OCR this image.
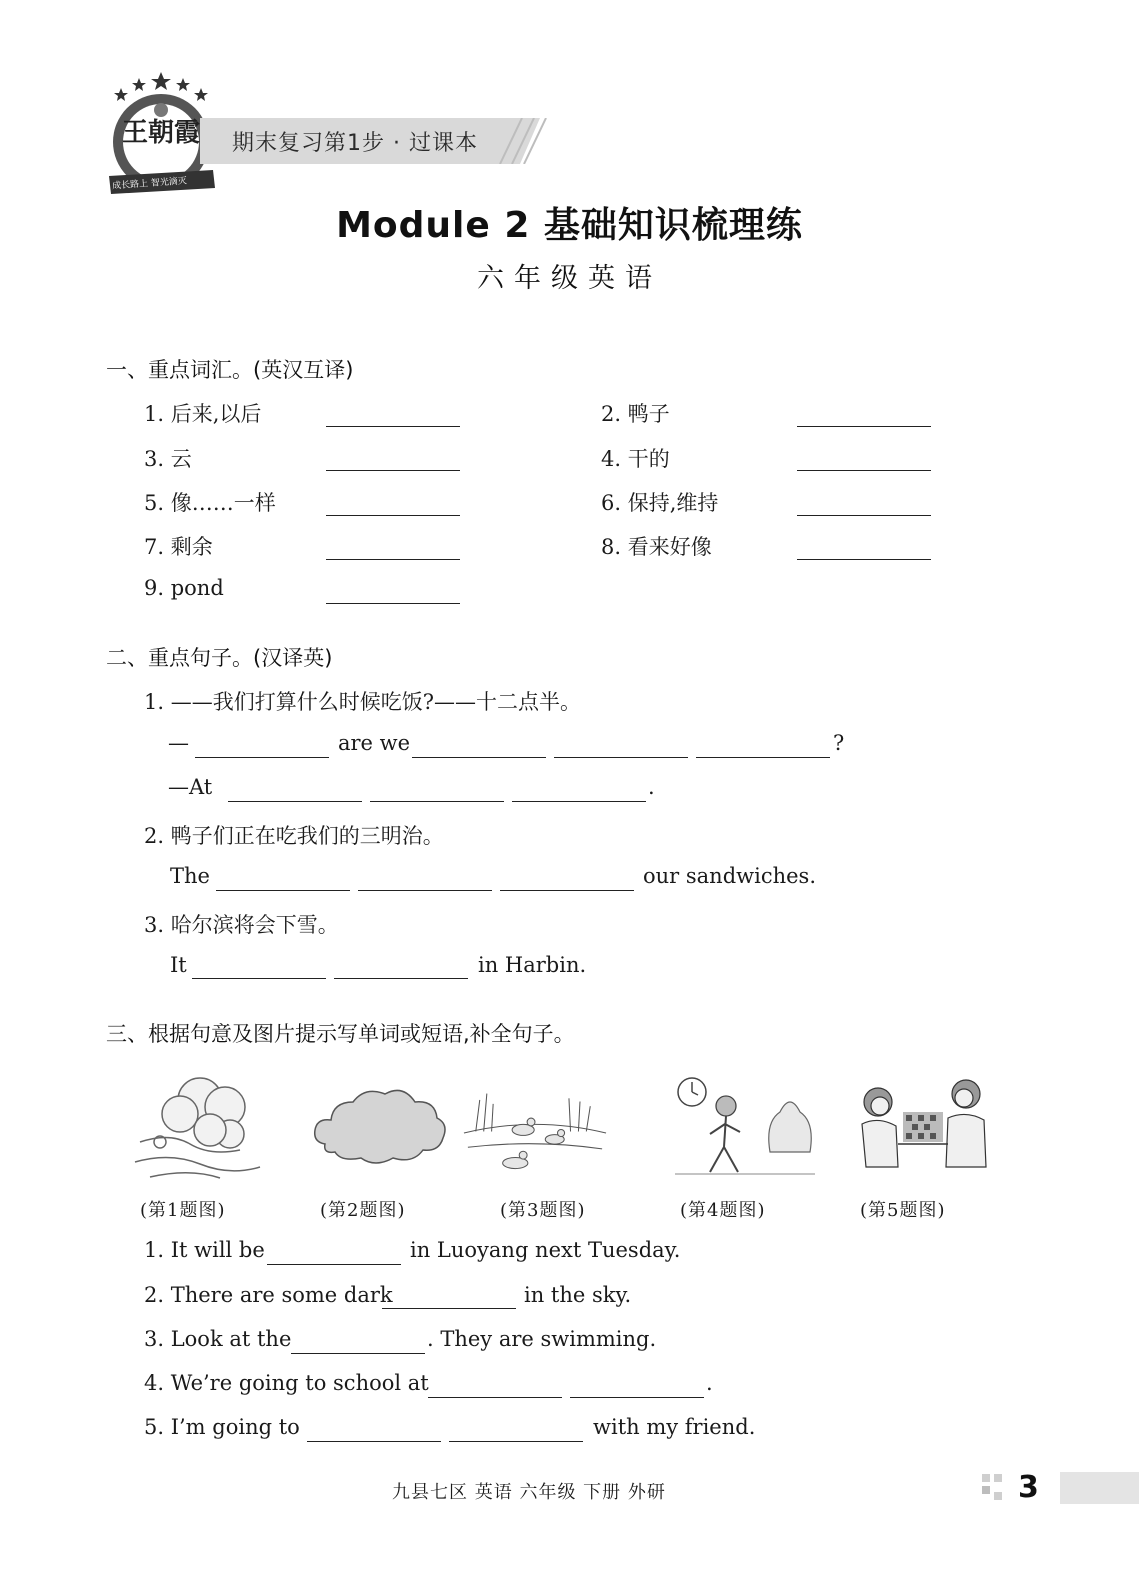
王朝霞
成长路上 智光滴灭
期末复习第1步 · 过课本
Module 2 基础知识梳理练
六年级英语
一、重点词汇。(英汉互译)
1. 后来,以后	2. 鸭子
3. 云	4. 干的
5. 像……一样	6. 保持,维持
7. 剩余	8. 看来好像
9. pond
二、重点句子。(汉译英)
1. ——我们打算什么时候吃饭?——十二点半。
—	are we	?
—At	.
2. 鸭子们正在吃我们的三明治。
The	our sandwiches.
3. 哈尔滨将会下雪。
It	in Harbin.
三、根据句意及图片提示写单词或短语,补全句子。
(第1题图)	(第2题图)	(第3题图)	(第4题图)	(第5题图)
1. It will be	in Luoyang next Tuesday.
2. There are some dark	in the sky.
3. Look at the	. They are swimming.
4. We’re going to school at	.
5. I’m going to	with my friend.
九县七区 英语 六年级 下册 外研	3
